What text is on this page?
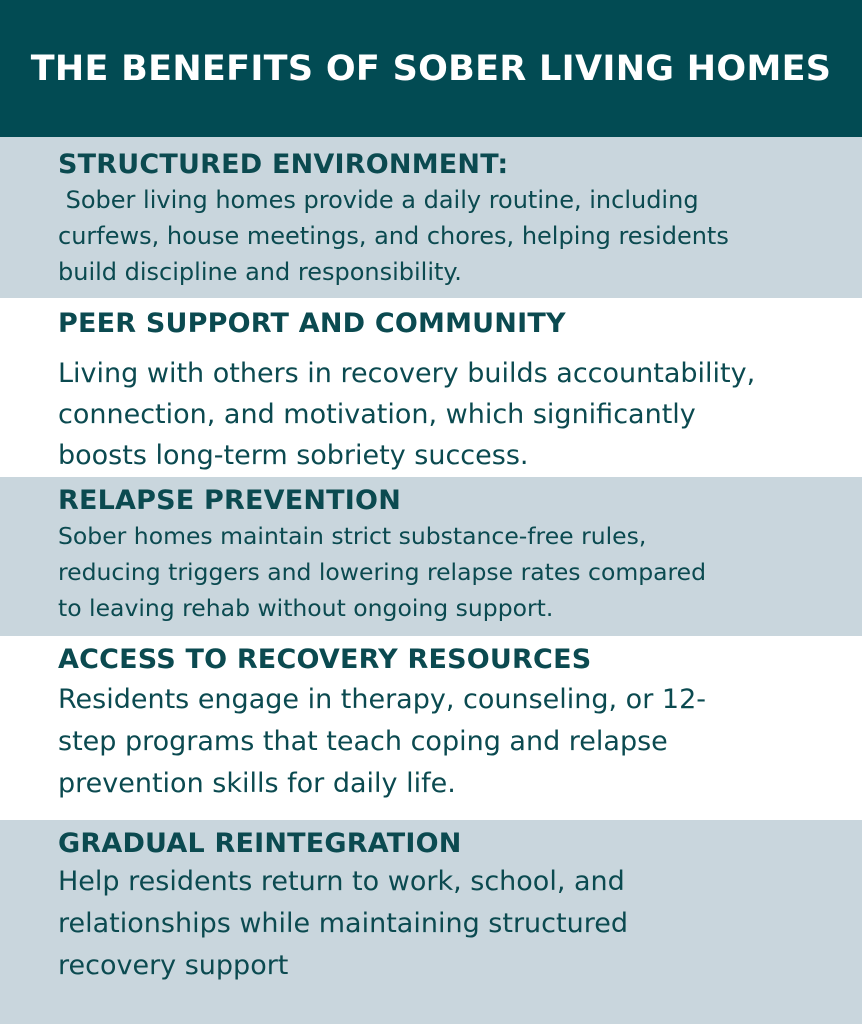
THE BENEFITS OF SOBER LIVING HOMES
STRUCTURED ENVIRONMENT:
Sober living homes provide a daily routine, including
curfews, house meetings, and chores, helping residents
build discipline and responsibility.
PEER SUPPORT AND COMMUNITY
Living with others in recovery builds accountability,
connection, and motivation, which significantly
boosts long-term sobriety success.
RELAPSE PREVENTION
Sober homes maintain strict substance-free rules,
reducing triggers and lowering relapse rates compared
to leaving rehab without ongoing support.
ACCESS TO RECOVERY RESOURCES
Residents engage in therapy, counseling, or 12-
step programs that teach coping and relapse
prevention skills for daily life.
GRADUAL REINTEGRATION
Help residents return to work, school, and
relationships while maintaining structured
recovery support
